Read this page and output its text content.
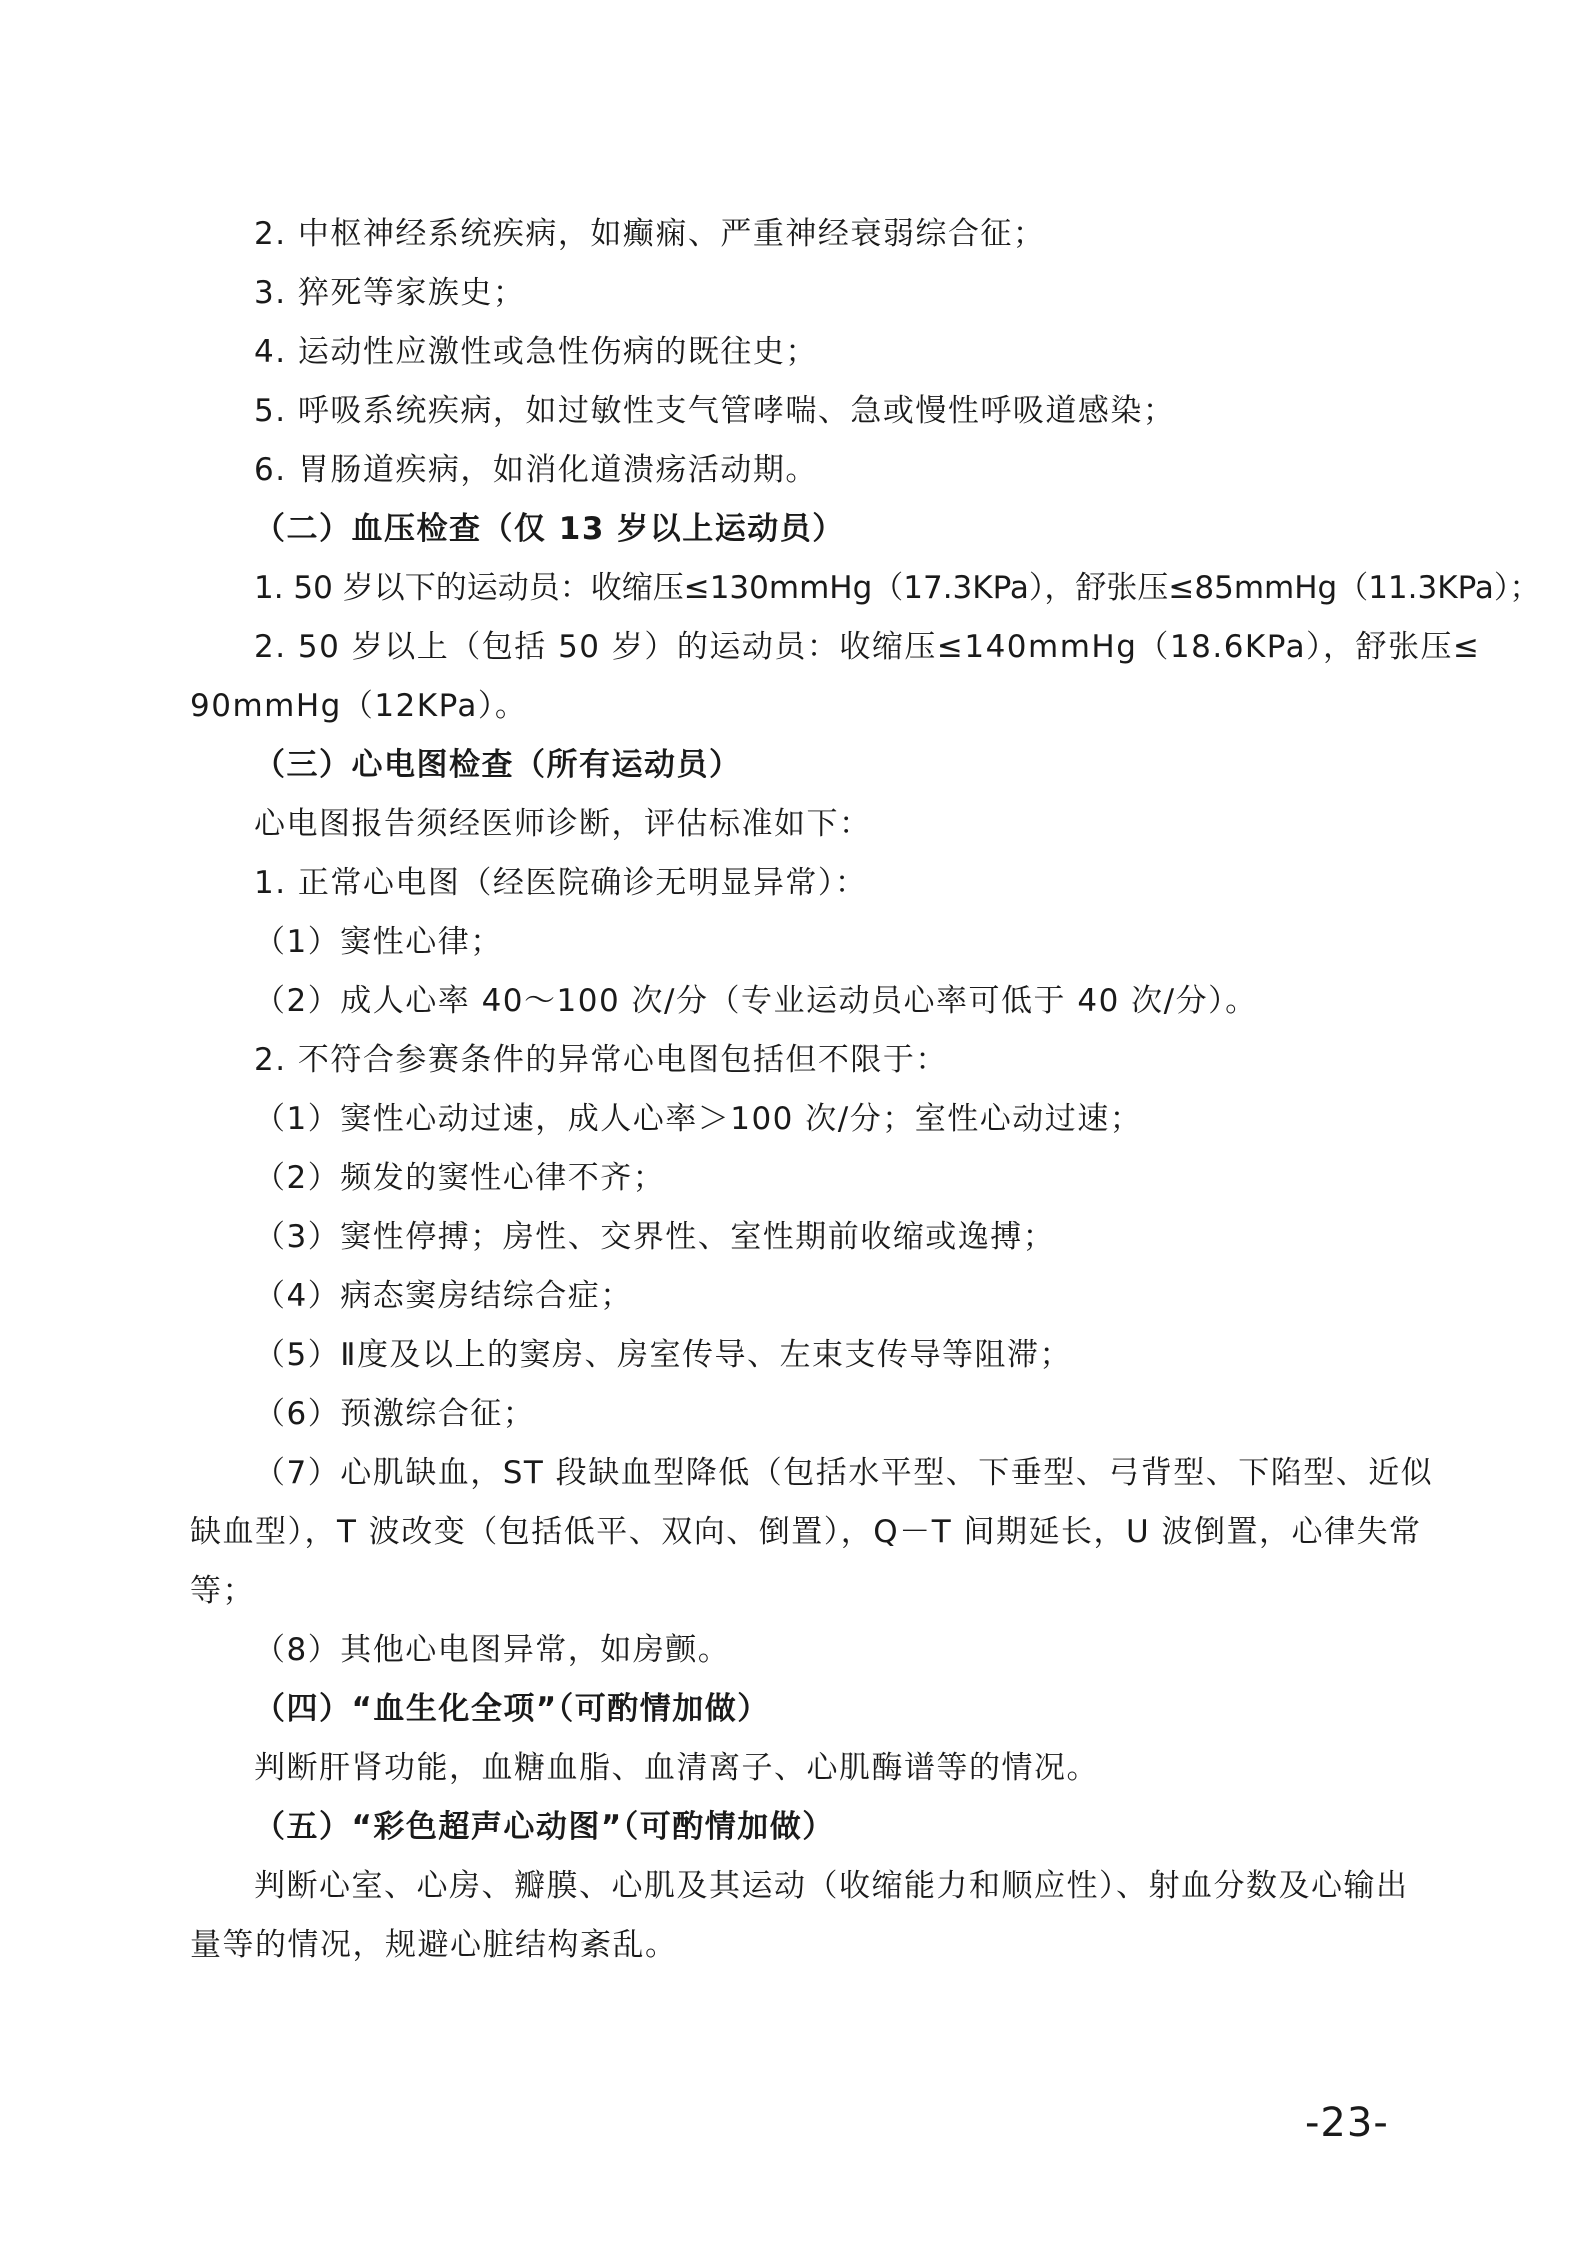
2. 中枢神经系统疾病，如癫痫、严重神经衰弱综合征；
3. 猝死等家族史；
4. 运动性应激性或急性伤病的既往史；
5. 呼吸系统疾病，如过敏性支气管哮喘、急或慢性呼吸道感染；
6. 胃肠道疾病，如消化道溃疡活动期。
（二）血压检查（仅 13 岁以上运动员）
1. 50 岁以下的运动员：收缩压≤130mmHg（17.3KPa），舒张压≤85mmHg（11.3KPa）；
2. 50 岁以上（包括 50 岁）的运动员：收缩压≤140mmHg（18.6KPa），舒张压≤
90mmHg（12KPa）。
（三）心电图检查（所有运动员）
心电图报告须经医师诊断，评估标准如下：
1. 正常心电图（经医院确诊无明显异常）：
（1）窦性心律；
（2）成人心率 40～100 次/分（专业运动员心率可低于 40 次/分）。
2. 不符合参赛条件的异常心电图包括但不限于：
（1）窦性心动过速，成人心率＞100 次/分；室性心动过速；
（2）频发的窦性心律不齐；
（3）窦性停搏；房性、交界性、室性期前收缩或逸搏；
（4）病态窦房结综合症；
（5）Ⅱ度及以上的窦房、房室传导、左束支传导等阻滞；
（6）预激综合征；
（7）心肌缺血，ST 段缺血型降低（包括水平型、下垂型、弓背型、下陷型、近似
缺血型），T 波改变（包括低平、双向、倒置），Q－T 间期延长，U 波倒置，心律失常
等；
（8）其他心电图异常，如房颤。
（四）“血生化全项”（可酌情加做）
判断肝肾功能，血糖血脂、血清离子、心肌酶谱等的情况。
（五）“彩色超声心动图”（可酌情加做）
判断心室、心房、瓣膜、心肌及其运动（收缩能力和顺应性）、射血分数及心输出
量等的情况，规避心脏结构紊乱。
-23-
